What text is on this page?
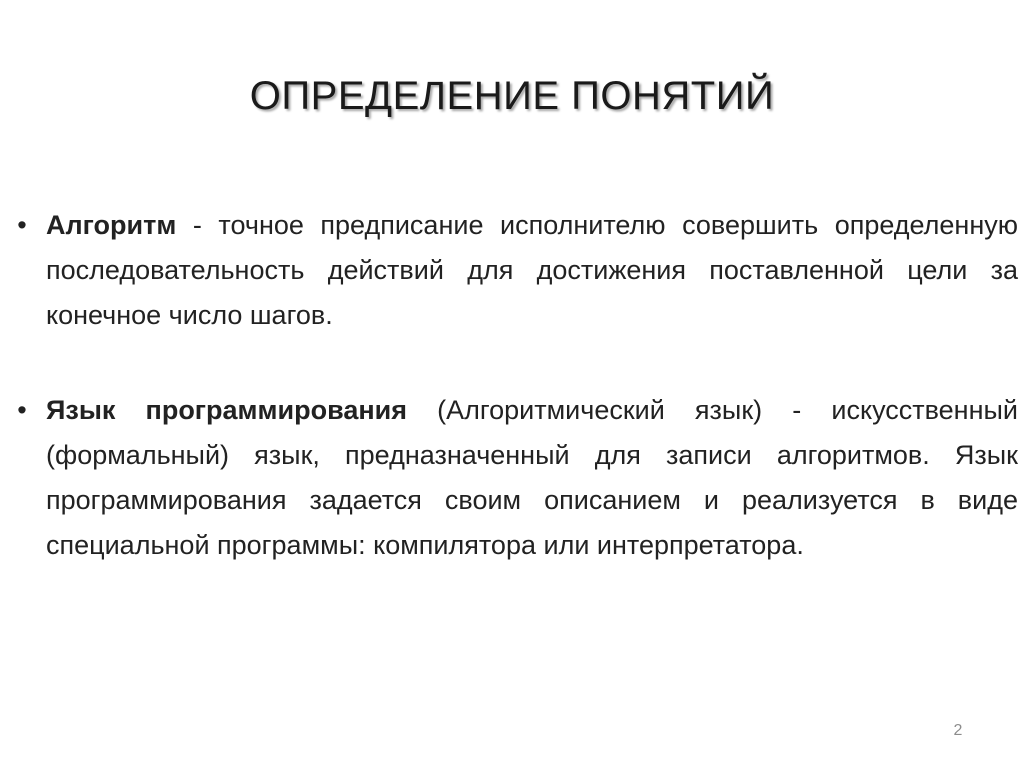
ОПРЕДЕЛЕНИЕ ПОНЯТИЙ
• Алгоритм - точное предписание исполнителю совершить определенную последовательность действий для достижения поставленной цели за конечное число шагов.
• Язык программирования (Алгоритмический язык) - искусственный (формальный) язык, предназначенный для записи алгоритмов. Язык программирования задается своим описанием и реализуется в виде специальной программы: компилятора или интерпретатора.
2
